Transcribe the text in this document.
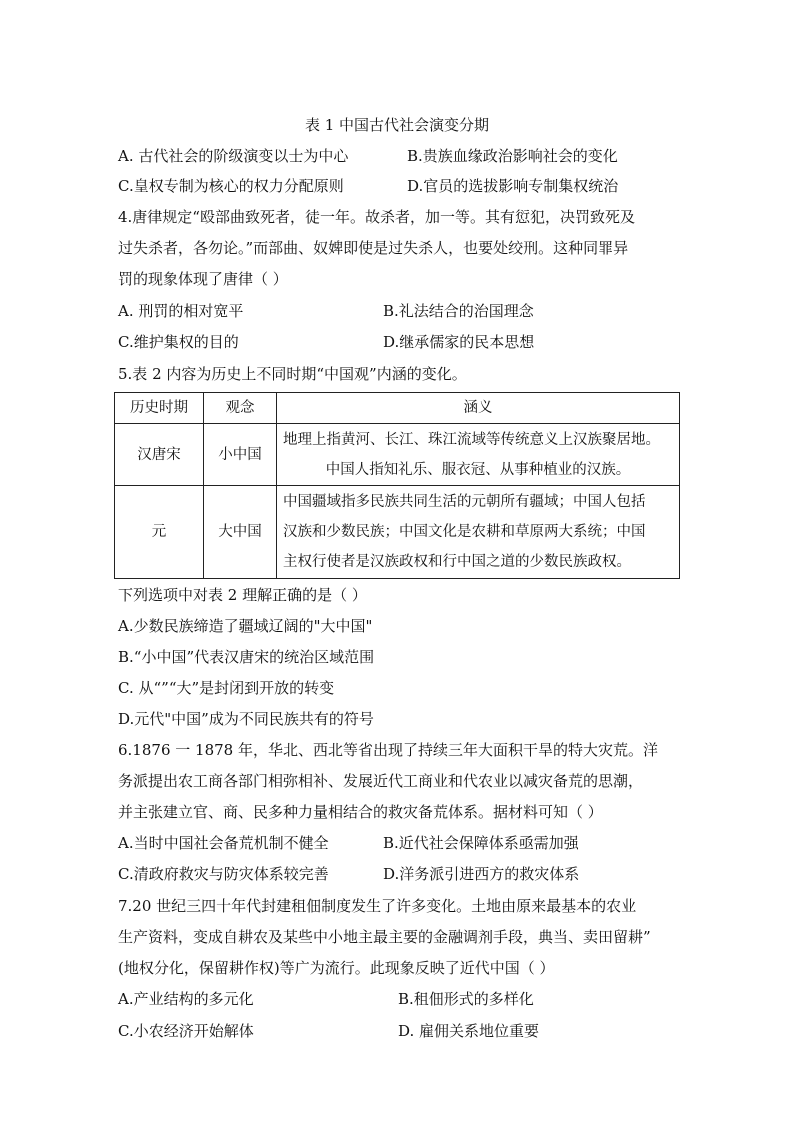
表 1 中国古代社会演变分期
A. 古代社会的阶级演变以士为中心	B.贵族血缘政治影响社会的变化
C.皇权专制为核心的权力分配原则	D.官员的选拔影响专制集权统治
4.唐律规定“殴部曲致死者，徒一年。故杀者，加一等。其有愆犯，决罚致死及
过失杀者，各勿论。”而部曲、奴婢即使是过失杀人，也要处绞刑。这种同罪异
罚的现象体现了唐律（ ）
A. 刑罚的相对宽平	B.礼法结合的治国理念
C.维护集权的目的	D.继承儒家的民本思想
5.表 2 内容为历史上不同时期“中国观”内涵的变化。
历史时期	观念	涵义

汉唐宋	小中国	地理上指黄河、长江、珠江流域等传统意义上汉族聚居地。
中国人指知礼乐、服衣冠、从事种植业的汉族。

元	大中国	中国疆域指多民族共同生活的元朝所有疆域；中国人包括
汉族和少数民族；中国文化是农耕和草原两大系统；中国
主权行使者是汉族政权和行中国之道的少数民族政权。
下列选项中对表 2 理解正确的是（ ）
A.少数民族缔造了疆域辽阔的"大中国"
B.“小中国”代表汉唐宋的统治区域范围
C. 从“”“大”是封闭到开放的转变
D.元代"中国”成为不同民族共有的符号
6.1876 一 1878 年，华北、西北等省出现了持续三年大面积干旱的特大灾荒。洋
务派提出农工商各部门相弥相补、发展近代工商业和代农业以减灾备荒的思潮，
并主张建立官、商、民多种力量相结合的救灾备荒体系。据材料可知（ ）
A.当时中国社会备荒机制不健全	B.近代社会保障体系亟需加强
C.清政府救灾与防灾体系较完善	D.洋务派引进西方的救灾体系
7.20 世纪三四十年代封建租佃制度发生了许多变化。土地由原来最基本的农业
生产资料，变成自耕农及某些中小地主最主要的金融调剂手段，典当、卖田留耕”
(地权分化，保留耕作权)等广为流行。此现象反映了近代中国（ ）
A.产业结构的多元化	B.租佃形式的多样化
C.小农经济开始解体	D. 雇佣关系地位重要
